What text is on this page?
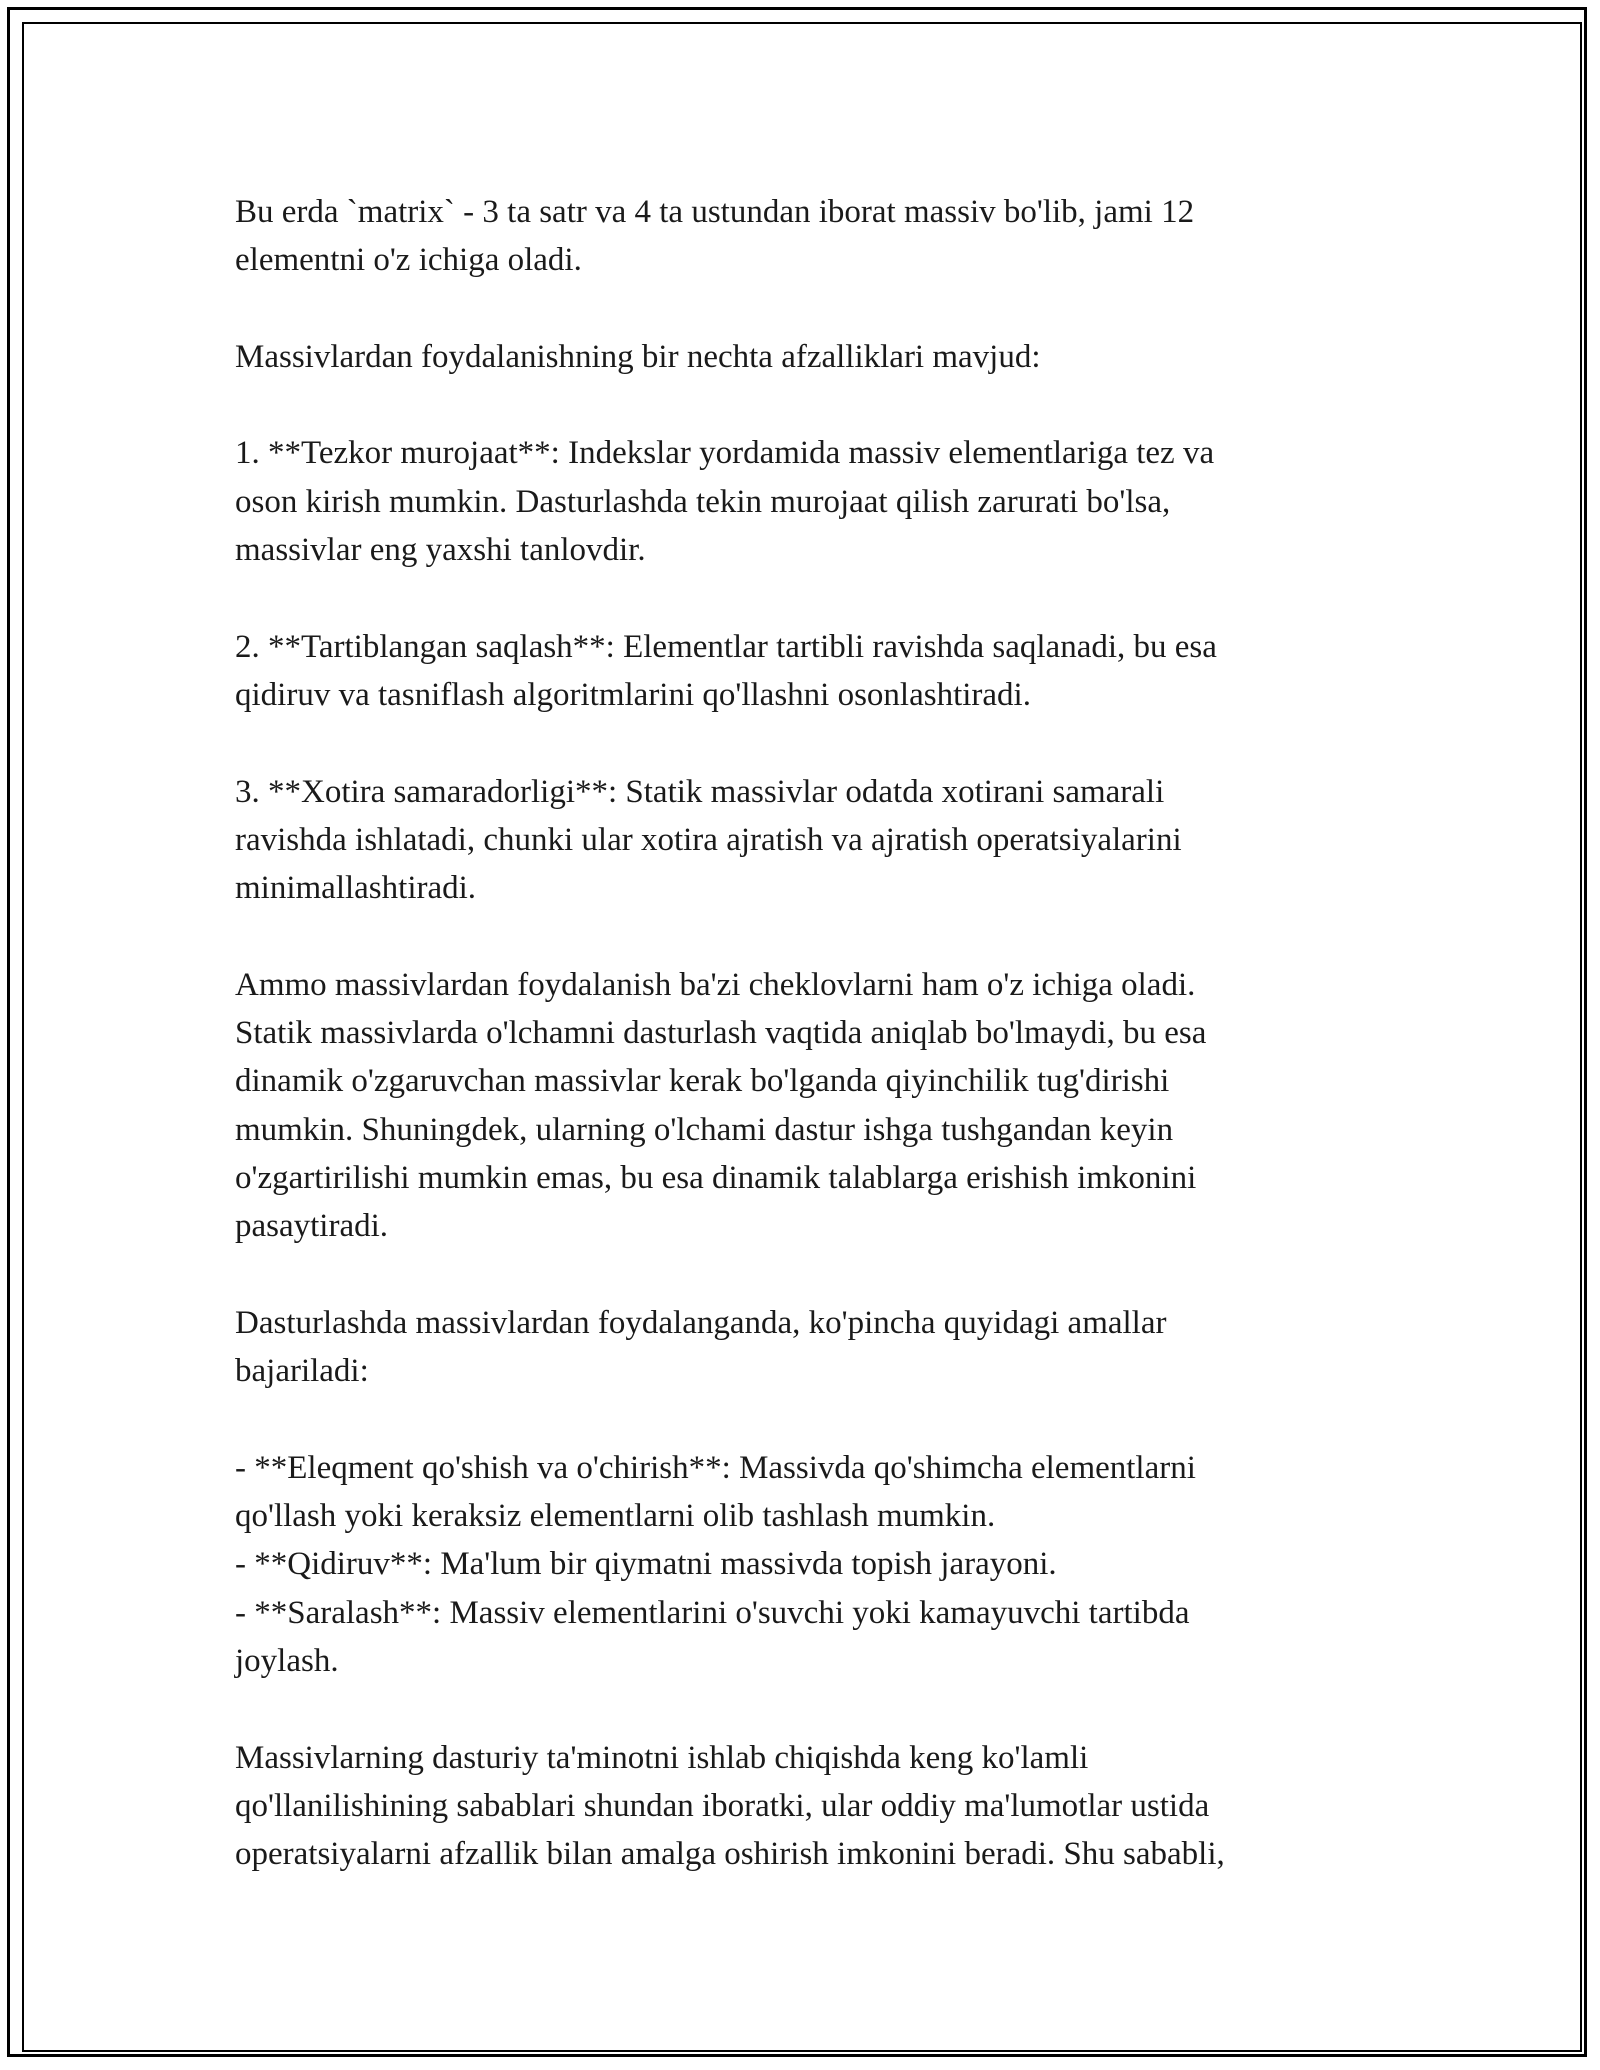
Bu erda `matrix` - 3 ta satr va 4 ta ustundan iborat massiv bo'lib, jami 12
elementni o'z ichiga oladi.
Massivlardan foydalanishning bir nechta afzalliklari mavjud:
1. **Tezkor murojaat**: Indekslar yordamida massiv elementlariga tez va
oson kirish mumkin. Dasturlashda tekin murojaat qilish zarurati bo'lsa,
massivlar eng yaxshi tanlovdir.
2. **Tartiblangan saqlash**: Elementlar tartibli ravishda saqlanadi, bu esa
qidiruv va tasniflash algoritmlarini qo'llashni osonlashtiradi.
3. **Xotira samaradorligi**: Statik massivlar odatda xotirani samarali
ravishda ishlatadi, chunki ular xotira ajratish va ajratish operatsiyalarini
minimallashtiradi.
Ammo massivlardan foydalanish ba'zi cheklovlarni ham o'z ichiga oladi.
Statik massivlarda o'lchamni dasturlash vaqtida aniqlab bo'lmaydi, bu esa
dinamik o'zgaruvchan massivlar kerak bo'lganda qiyinchilik tug'dirishi
mumkin. Shuningdek, ularning o'lchami dastur ishga tushgandan keyin
o'zgartirilishi mumkin emas, bu esa dinamik talablarga erishish imkonini
pasaytiradi.
Dasturlashda massivlardan foydalanganda, ko'pincha quyidagi amallar
bajariladi:
- **Eleqment qo'shish va o'chirish**: Massivda qo'shimcha elementlarni
qo'llash yoki keraksiz elementlarni olib tashlash mumkin.
- **Qidiruv**: Ma'lum bir qiymatni massivda topish jarayoni.
- **Saralash**: Massiv elementlarini o'suvchi yoki kamayuvchi tartibda
joylash.
Massivlarning dasturiy ta'minotni ishlab chiqishda keng ko'lamli
qo'llanilishining sabablari shundan iboratki, ular oddiy ma'lumotlar ustida
operatsiyalarni afzallik bilan amalga oshirish imkonini beradi. Shu sababli,
